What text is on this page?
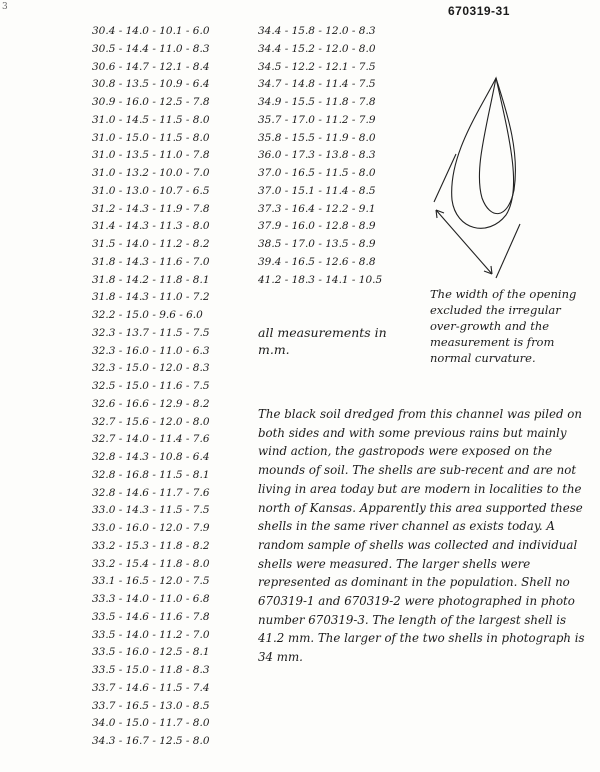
3	670319-31
30.4 - 14.0 - 10.1 - 6.0
30.5 - 14.4 - 11.0 - 8.3
30.6 - 14.7 - 12.1 - 8.4
30.8 - 13.5 - 10.9 - 6.4
30.9 - 16.0 - 12.5 - 7.8
31.0 - 14.5 - 11.5 - 8.0
31.0 - 15.0 - 11.5 - 8.0
31.0 - 13.5 - 11.0 - 7.8
31.0 - 13.2 - 10.0 - 7.0
31.0 - 13.0 - 10.7 - 6.5
31.2 - 14.3 - 11.9 - 7.8
31.4 - 14.3 - 11.3 - 8.0
31.5 - 14.0 - 11.2 - 8.2
31.8 - 14.3 - 11.6 - 7.0
31.8 - 14.2 - 11.8 - 8.1
31.8 - 14.3 - 11.0 - 7.2
32.2 - 15.0 - 9.6 - 6.0
32.3 - 13.7 - 11.5 - 7.5
32.3 - 16.0 - 11.0 - 6.3
32.3 - 15.0 - 12.0 - 8.3
32.5 - 15.0 - 11.6 - 7.5
32.6 - 16.6 - 12.9 - 8.2
32.7 - 15.6 - 12.0 - 8.0
32.7 - 14.0 - 11.4 - 7.6
32.8 - 14.3 - 10.8 - 6.4
32.8 - 16.8 - 11.5 - 8.1
32.8 - 14.6 - 11.7 - 7.6
33.0 - 14.3 - 11.5 - 7.5
33.0 - 16.0 - 12.0 - 7.9
33.2 - 15.3 - 11.8 - 8.2
33.2 - 15.4 - 11.8 - 8.0
33.1 - 16.5 - 12.0 - 7.5
33.3 - 14.0 - 11.0 - 6.8
33.5 - 14.6 - 11.6 - 7.8
33.5 - 14.0 - 11.2 - 7.0
33.5 - 16.0 - 12.5 - 8.1
33.5 - 15.0 - 11.8 - 8.3
33.7 - 14.6 - 11.5 - 7.4
33.7 - 16.5 - 13.0 - 8.5
34.0 - 15.0 - 11.7 - 8.0
34.3 - 16.7 - 12.5 - 8.0
34.4 - 15.8 - 12.0 - 8.3
34.4 - 15.2 - 12.0 - 8.0
34.5 - 12.2 - 12.1 - 7.5
34.7 - 14.8 - 11.4 - 7.5
34.9 - 15.5 - 11.8 - 7.8
35.7 - 17.0 - 11.2 - 7.9
35.8 - 15.5 - 11.9 - 8.0
36.0 - 17.3 - 13.8 - 8.3
37.0 - 16.5 - 11.5 - 8.0
37.0 - 15.1 - 11.4 - 8.5
37.3 - 16.4 - 12.2 - 9.1
37.9 - 16.0 - 12.8 - 8.9
38.5 - 17.0 - 13.5 - 8.9
39.4 - 16.5 - 12.6 - 8.8
41.2 - 18.3 - 14.1 - 10.5
all measurements in m.m.
The width of the opening excluded the irregular over-growth and the measurement is from normal curvature.
The black soil dredged from this channel was piled on both sides and with some previous rains but mainly wind action, the gastropods were exposed on the mounds of soil. The shells are sub-recent and are not living in area today but are modern in localities to the north of Kansas. Apparently this area supported these shells in the same river channel as exists today. A random sample of shells was collected and individual shells were measured. The larger shells were represented as dominant in the population. Shell no 670319-1 and 670319-2 were photographed in photo number 670319-3. The length of the largest shell is 41.2 mm. The larger of the two shells in photograph is 34 mm.
